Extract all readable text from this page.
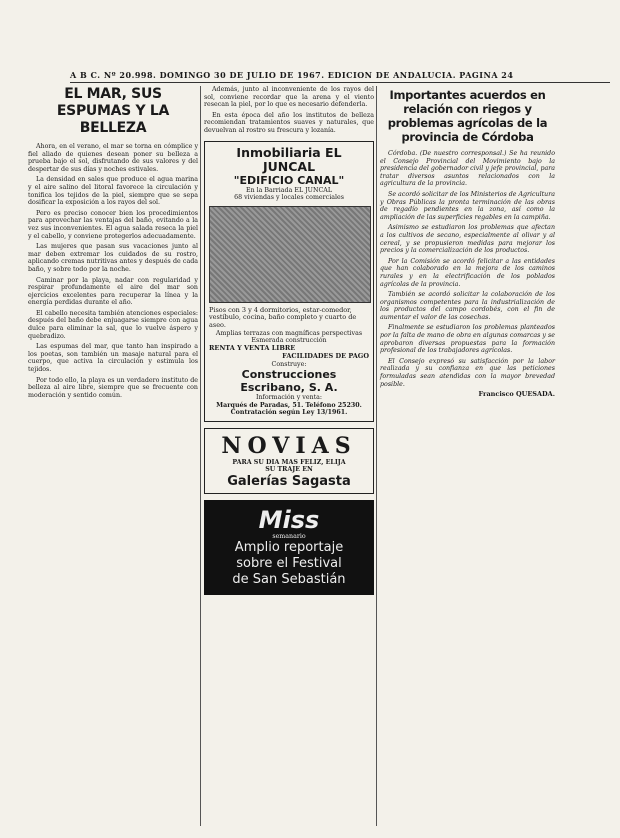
A B C. Nº 20.998. DOMINGO 30 DE JULIO DE 1967. EDICION DE ANDALUCIA. PAGINA 24
EL MAR, SUS ESPUMAS Y LA BELLEZA

Ahora, en el verano, el mar se torna en cómplice y fiel aliado de quienes desean poner su belleza a prueba bajo el sol, disfrutando de sus valores y del despertar de sus días y noches estivales.

La densidad en sales que produce el agua marina y el aire salino del litoral favorece la circulación y tonifica los tejidos de la piel, siempre que se sepa dosificar la exposición a los rayos del sol.

Pero es preciso conocer bien los procedimientos para aprovechar las ventajas del baño, evitando a la vez sus inconvenientes. El agua salada reseca la piel y el cabello, y conviene protegerlos adecuadamente.

Las mujeres que pasan sus vacaciones junto al mar deben extremar los cuidados de su rostro, aplicando cremas nutritivas antes y después de cada baño, y sobre todo por la noche.

Caminar por la playa, nadar con regularidad y respirar profundamente el aire del mar son ejercicios excelentes para recuperar la línea y la energía perdidas durante el año.

El cabello necesita también atenciones especiales: después del baño debe enjuagarse siempre con agua dulce para eliminar la sal, que lo vuelve áspero y quebradizo.

Las espumas del mar, que tanto han inspirado a los poetas, son también un masaje natural para el cuerpo, que activa la circulación y estimula los tejidos.

Por todo ello, la playa es un verdadero instituto de belleza al aire libre, siempre que se frecuente con moderación y sentido común.

Además, junto al inconveniente de los rayos del sol, conviene recordar que la arena y el viento resecan la piel, por lo que es necesario defenderla.

En esta época del año los institutos de belleza recomiendan tratamientos suaves y naturales, que devuelvan al rostro su frescura y lozanía.

Inmobiliaria EL JUNCAL
"EDIFICIO CANAL"
En la Barriada EL JUNCAL
68 viviendas y locales comerciales
Pisos con 3 y 4 dormitorios, estar-comedor, vestíbulo, cocina, baño completo y cuarto de aseo.
Amplias terrazas con magníficas perspectivas
Esmerada construcción
RENTA Y VENTA LIBRE
FACILIDADES DE PAGO
Construye:
Construcciones Escribano, S. A.
Información y venta:
Marqués de Paradas, 51. Teléfono 25230.
Contratación según Ley 13/1961.
NOVIAS
PARA SU DIA MAS FELIZ, ELIJA
SU TRAJE EN
Galerías Sagasta
Miss
semanario
Amplio reportaje
sobre el Festival
de San Sebastián
Importantes acuerdos en relación con riegos y problemas agrícolas de la provincia de Córdoba

Córdoba. (De nuestro corresponsal.) Se ha reunido el Consejo Provincial del Movimiento bajo la presidencia del gobernador civil y jefe provincial, para tratar diversos asuntos relacionados con la agricultura de la provincia.

Se acordó solicitar de los Ministerios de Agricultura y Obras Públicas la pronta terminación de las obras de regadío pendientes en la zona, así como la ampliación de las superficies regables en la campiña.

Asimismo se estudiaron los problemas que afectan a los cultivos de secano, especialmente al olivar y al cereal, y se propusieron medidas para mejorar los precios y la comercialización de los productos.

Por la Comisión se acordó felicitar a las entidades que han colaborado en la mejora de los caminos rurales y en la electrificación de los poblados agrícolas de la provincia.

También se acordó solicitar la colaboración de los organismos competentes para la industrialización de los productos del campo cordobés, con el fin de aumentar el valor de las cosechas.

Finalmente se estudiaron los problemas planteados por la falta de mano de obra en algunas comarcas y se aprobaron diversas propuestas para la formación profesional de los trabajadores agrícolas.

El Consejo expresó su satisfacción por la labor realizada y su confianza en que las peticiones formuladas sean atendidas con la mayor brevedad posible.

Francisco QUESADA.
